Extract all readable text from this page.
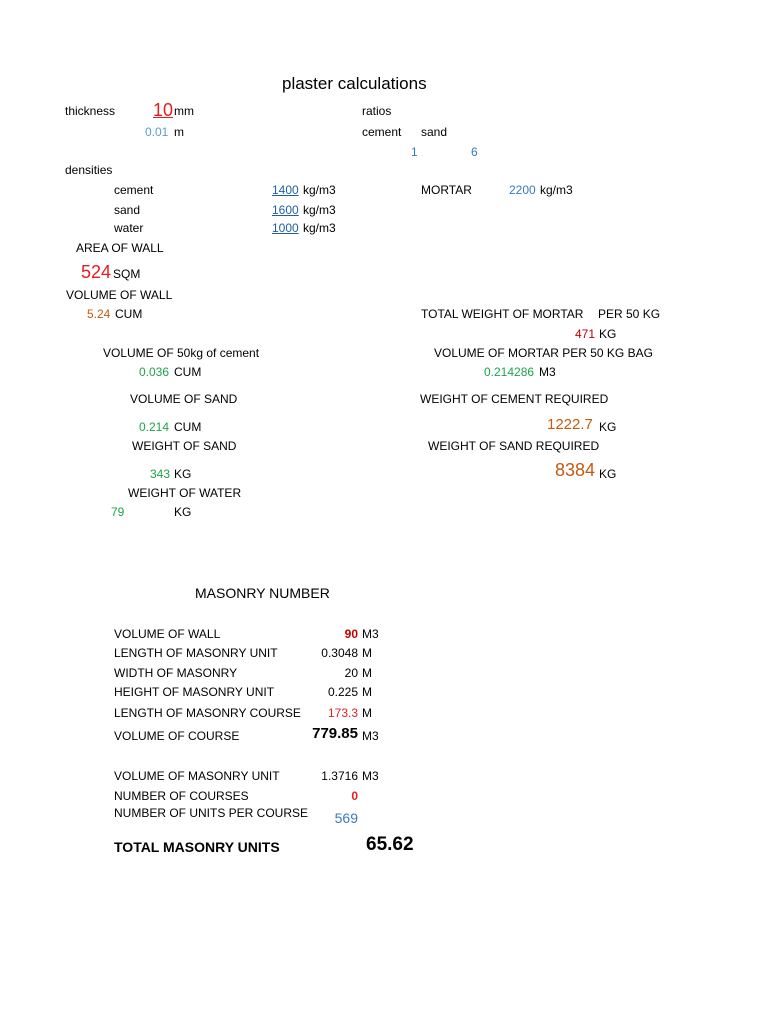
plaster calculations
thickness 10 mm
0.01 m
ratios
cement sand
1	6
densities
cement	1400 kg/m3
sand	1600 kg/m3
water	1000 kg/m3
MORTAR	2200 kg/m3
AREA OF WALL
524 SQM
VOLUME OF WALL
5.24 CUM
VOLUME OF 50kg of cement
0.036 CUM
VOLUME OF SAND
0.214 CUM
WEIGHT OF SAND
343 KG
WEIGHT OF WATER
79	KG
TOTAL WEIGHT OF MORTAR PER 50 KG
471 KG
VOLUME OF MORTAR PER 50 KG BAG
0.214286 M3
WEIGHT OF CEMENT REQUIRED
1222.7 KG
WEIGHT OF SAND REQUIRED
8384 KG
MASONRY NUMBER
VOLUME OF WALL	90 M3
LENGTH OF MASONRY UNIT	0.3048 M
WIDTH OF MASONRY	20 M
HEIGHT OF MASONRY UNIT	0.225 M
LENGTH OF MASONRY COURSE	173.3 M
VOLUME OF COURSE	779.85 M3
VOLUME OF MASONRY UNIT	1.3716 M3
NUMBER OF COURSES	0
NUMBER OF UNITS PER COURSE	569
TOTAL MASONRY UNITS	65.62
